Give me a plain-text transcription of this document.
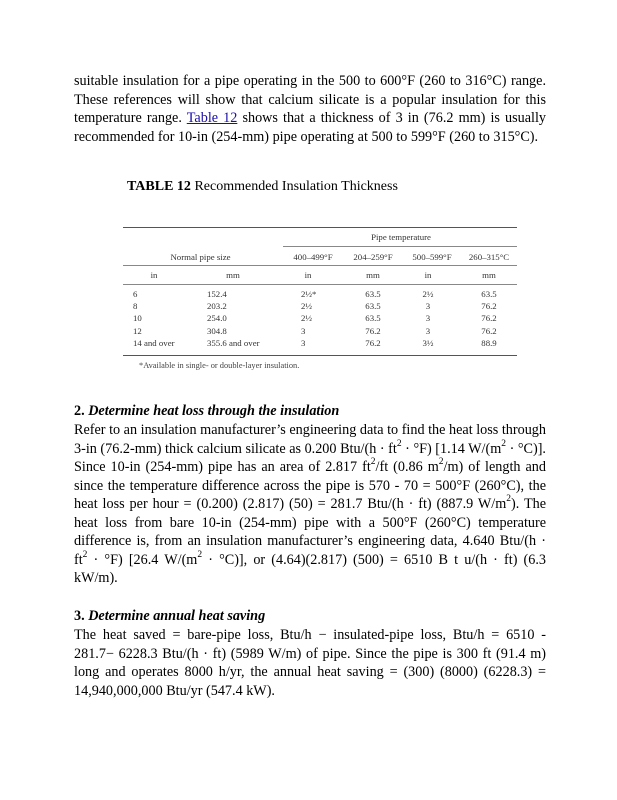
suitable insulation for a pipe operating in the 500 to 600°F (260 to 316°C) range. These references will show that calcium silicate is a popular insulation for this temperature range. Table 12 shows that a thickness of 3 in (76.2 mm) is usually recommended for 10-in (254-mm) pipe operating at 500 to 599°F (260 to 315°C).
TABLE 12 Recommended Insulation Thickness
Pipe temperature
Normal pipe size	400–499°F	204–259°F	500–599°F	260–315°C
in	mm	in	mm	in	mm
6	152.4	2½*	63.5	2½	63.5
8	203.2	2½	63.5	3	76.2
10	254.0	2½	63.5	3	76.2
12	304.8	3	76.2	3	76.2
14 and over	355.6 and over	3	76.2	3½	88.9
*Available in single- or double-layer insulation.
2. Determine heat loss through the insulation
Refer to an insulation manufacturer’s engineering data to find the heat loss through 3-in (76.2-mm) thick calcium silicate as 0.200 $Btu/(h \cdot ft^2 \cdot ^\circ F)$ [1.14 $W/(m^2 \cdot ^\circ C)$]. Since 10-in (254-mm) pipe has an area of 2.817 $ft^2/ft$ (0.86 $m^2/m$) of length and since the temperature difference across the pipe is 570 - 70 = 500°F (260°C), the heat loss per hour = (0.200) (2.817) (50) = 281.7 Btu/(h · ft) (887.9 $W/m^2$). The heat loss from bare 10-in (254-mm) pipe with a 500°F (260°C) temperature difference is, from an insulation manufacturer’s engineering data, 4.640 $Btu/(h \cdot ft^2 \cdot ^\circ F)$ [26.4 $W/(m^2 \cdot ^\circ C)$], or (4.64)(2.817) (500) = 6510 B t u/(h · ft) (6.3 kW/m).
3. Determine annual heat saving
The heat saved = bare-pipe loss, Btu/h − insulated-pipe loss, Btu/h = 6510 - 281.7− 6228.3 Btu/(h · ft) (5989 W/m) of pipe. Since the pipe is 300 ft (91.4 m) long and operates 8000 h/yr, the annual heat saving = (300) (8000) (6228.3) = 14,940,000,000 Btu/yr (547.4 kW).
